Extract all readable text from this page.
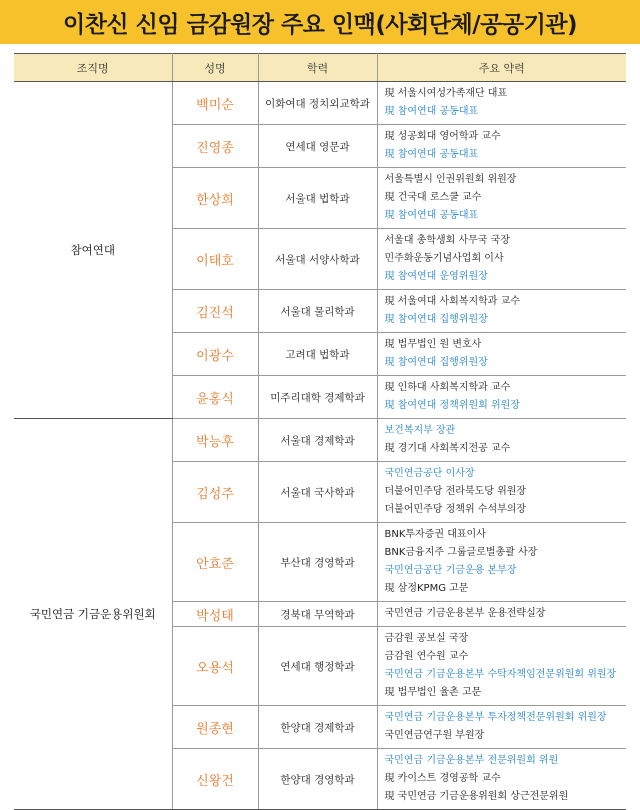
이찬신 신임 금감원장 주요 인맥(사회단체/공공기관)
조직명	성명	학력	주요 약력
참여연대	백미순	이화여대 정치외교학과	現 서울시여성가족재단 대표
現 참여연대 공동대표

	진영종	연세대 영문과	現 성공회대 영어학과 교수
現 참여연대 공동대표

	한상희	서울대 법학과	서울특별시 인권위원회 위원장
現 건국대 로스쿨 교수
現 참여연대 공동대표

	이태호	서울대 서양사학과	서울대 총학생회 사무국 국장
민주화운동기념사업회 이사
現 참여연대 운영위원장

	김진석	서울대 물리학과	現 서울여대 사회복지학과 교수
現 참여연대 집행위원장

	이광수	고려대 법학과	現 법무법인 원 변호사
現 참여연대 집행위원장

	윤홍식	미주리대학 경제학과	現 인하대 사회복지학과 교수
現 참여연대 정책위원회 위원장

국민연금 기금운용위원회	박능후	서울대 경제학과	보건복지부 장관
現 경기대 사회복지전공 교수

	김성주	서울대 국사학과	국민연금공단 이사장
더불어민주당 전라북도당 위원장
더불어민주당 정책위 수석부의장

	안효준	부산대 경영학과	BNK투자증권 대표이사
BNK금융지주 그룹글로벌총괄 사장
국민연금공단 기금운용 본부장
現 삼정KPMG 고문

	박성태	경북대 무역학과	국민연금 기금운용본부 운용전략실장

	오용석	연세대 행정학과	금감원 공보실 국장
금감원 연수원 교수
국민연금 기금운용본부 수탁자책임전문위원회 위원장
現 법무법인 율촌 고문

	원종현	한양대 경제학과	국민연금 기금운용본부 투자정책전문위원회 위원장
국민연금연구원 부원장

	신왕건	한양대 경영학과	국민연금 기금운용본부 전문위원회 위원
現 카이스트 경영공학 교수
現 국민연금 기금운용위원회 상근전문위원
